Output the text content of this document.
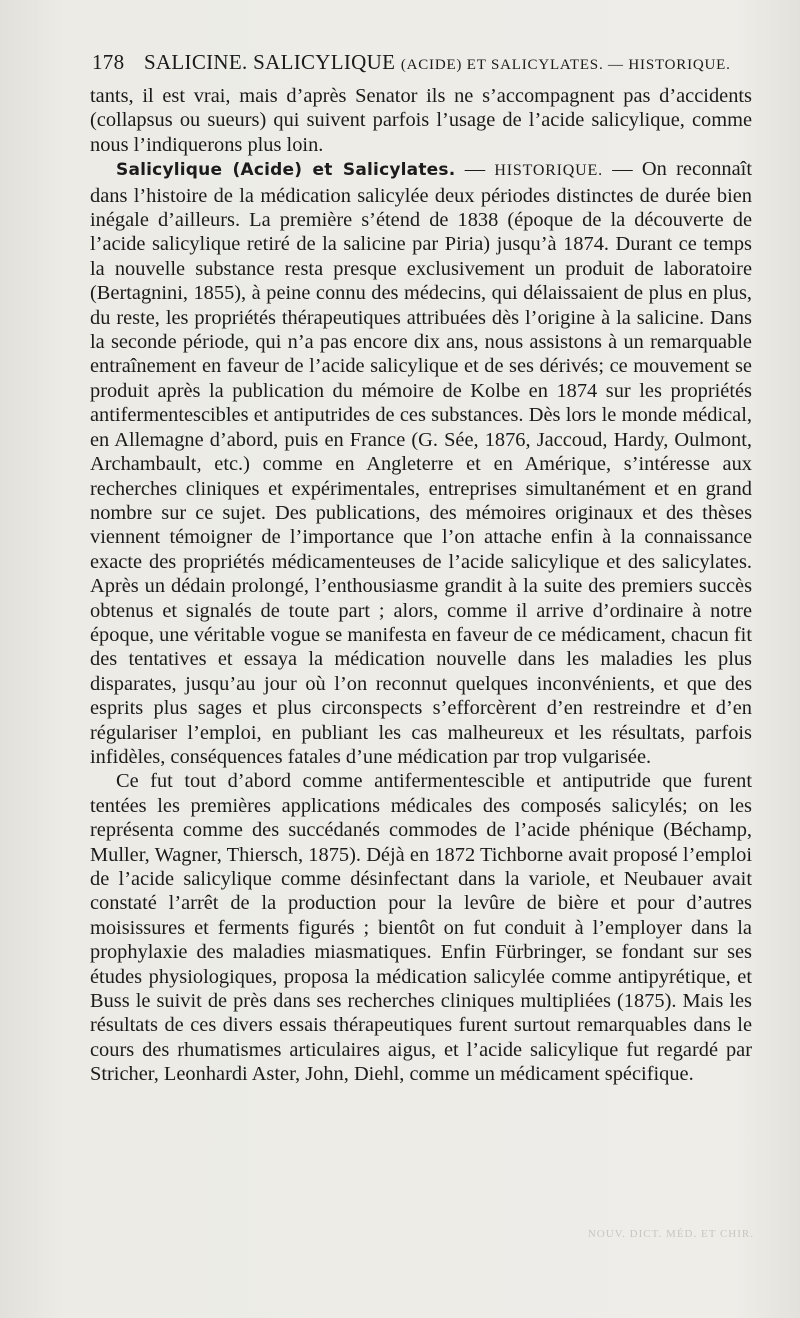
178 SALICINE. SALICYLIQUE (ACIDE) ET SALICYLATES. — HISTORIQUE.

tants, il est vrai, mais d’après Senator ils ne s’accompagnent pas d’accidents (collapsus ou sueurs) qui suivent parfois l’usage de l’acide salicylique, comme nous l’indiquerons plus loin.

Salicylique (Acide) et Salicylates. — HISTORIQUE. — On reconnaît dans l’histoire de la médication salicylée deux périodes distinctes de durée bien inégale d’ailleurs. La première s’étend de 1838 (époque de la découverte de l’acide salicylique retiré de la salicine par Piria) jusqu’à 1874. Durant ce temps la nouvelle substance resta presque exclusivement un produit de laboratoire (Bertagnini, 1855), à peine connu des médecins, qui délaissaient de plus en plus, du reste, les propriétés thérapeutiques attribuées dès l’origine à la salicine. Dans la seconde période, qui n’a pas encore dix ans, nous assistons à un remarquable entraînement en faveur de l’acide salicylique et de ses dérivés; ce mouvement se produit après la publication du mémoire de Kolbe en 1874 sur les propriétés antifermentescibles et antiputrides de ces substances. Dès lors le monde médical, en Allemagne d’abord, puis en France (G. Sée, 1876, Jaccoud, Hardy, Oulmont, Archambault, etc.) comme en Angleterre et en Amérique, s’intéresse aux recherches cliniques et expérimentales, entreprises simultanément et en grand nombre sur ce sujet. Des publications, des mémoires originaux et des thèses viennent témoigner de l’importance que l’on attache enfin à la connaissance exacte des propriétés médicamenteuses de l’acide salicylique et des salicylates. Après un dédain prolongé, l’enthousiasme grandit à la suite des premiers succès obtenus et signalés de toute part ; alors, comme il arrive d’ordinaire à notre époque, une véritable vogue se manifesta en faveur de ce médicament, chacun fit des tentatives et essaya la médication nouvelle dans les maladies les plus disparates, jusqu’au jour où l’on reconnut quelques inconvénients, et que des esprits plus sages et plus circonspects s’efforcèrent d’en restreindre et d’en régulariser l’emploi, en publiant les cas malheureux et les résultats, parfois infidèles, conséquences fatales d’une médication par trop vulgarisée.

Ce fut tout d’abord comme antifermentescible et antiputride que furent tentées les premières applications médicales des composés salicylés; on les représenta comme des succédanés commodes de l’acide phénique (Béchamp, Muller, Wagner, Thiersch, 1875). Déjà en 1872 Tichborne avait proposé l’emploi de l’acide salicylique comme désinfectant dans la variole, et Neubauer avait constaté l’arrêt de la production pour la levûre de bière et pour d’autres moisissures et ferments figurés ; bientôt on fut conduit à l’employer dans la prophylaxie des maladies miasmatiques. Enfin Fürbringer, se fondant sur ses études physiologiques, proposa la médication salicylée comme antipyrétique, et Buss le suivit de près dans ses recherches cliniques multipliées (1875). Mais les résultats de ces divers essais thérapeutiques furent surtout remarquables dans le cours des rhumatismes articulaires aigus, et l’acide salicylique fut regardé par Stricher, Leonhardi Aster, John, Diehl, comme un médicament spécifique.

NOUV. DICT. MÉD. ET CHIR.
